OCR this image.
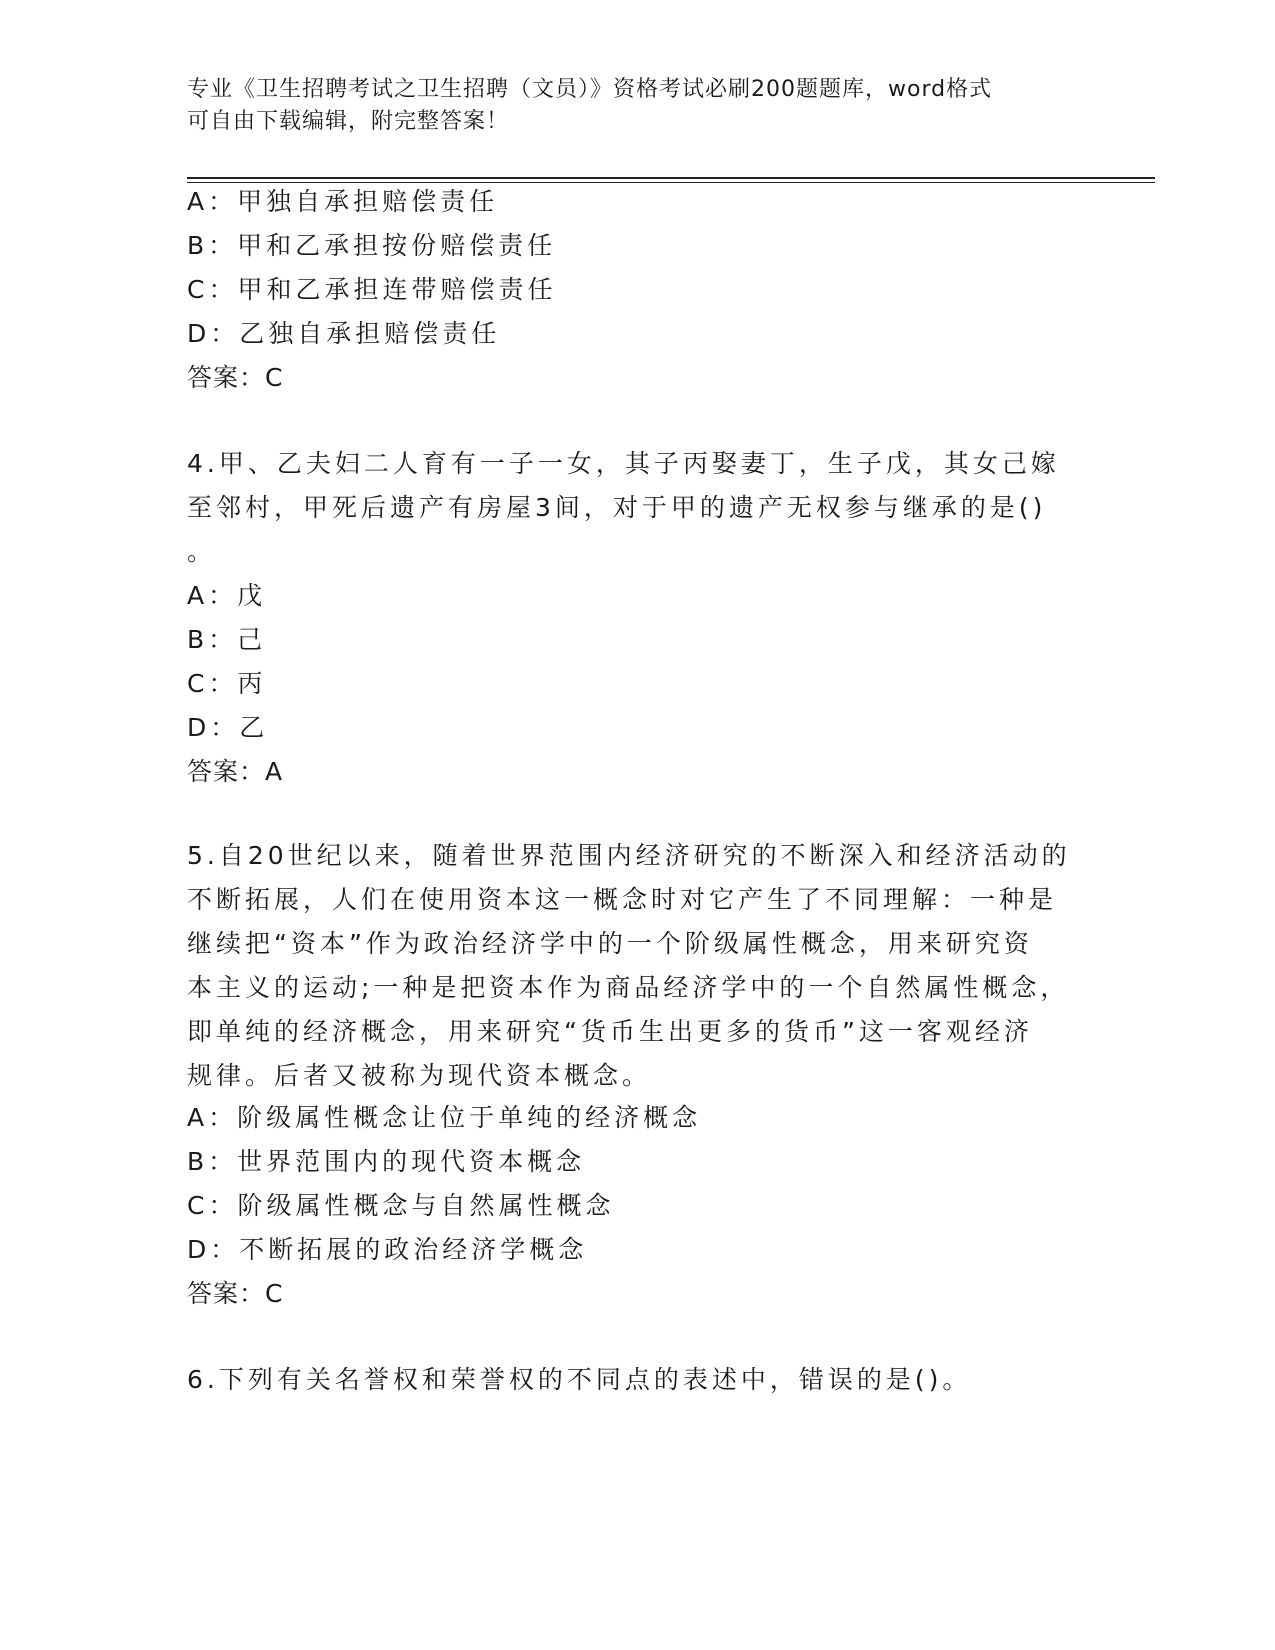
专业《卫生招聘考试之卫生招聘（文员）》资格考试必刷200题题库，word格式
可自由下载编辑，附完整答案！
A：甲独自承担赔偿责任
B：甲和乙承担按份赔偿责任
C：甲和乙承担连带赔偿责任
D：乙独自承担赔偿责任
答案：C
4.甲、乙夫妇二人育有一子一女，其子丙娶妻丁，生子戊，其女己嫁
至邻村，甲死后遗产有房屋3间，对于甲的遗产无权参与继承的是()
。
A：戊
B：己
C：丙
D：乙
答案：A
5.自20世纪以来，随着世界范围内经济研究的不断深入和经济活动的
不断拓展，人们在使用资本这一概念时对它产生了不同理解：一种是
继续把“资本”作为政治经济学中的一个阶级属性概念，用来研究资
本主义的运动;一种是把资本作为商品经济学中的一个自然属性概念，
即单纯的经济概念，用来研究“货币生出更多的货币”这一客观经济
规律。后者又被称为现代资本概念。
A：阶级属性概念让位于单纯的经济概念
B：世界范围内的现代资本概念
C：阶级属性概念与自然属性概念
D：不断拓展的政治经济学概念
答案：C
6.下列有关名誉权和荣誉权的不同点的表述中，错误的是()。
